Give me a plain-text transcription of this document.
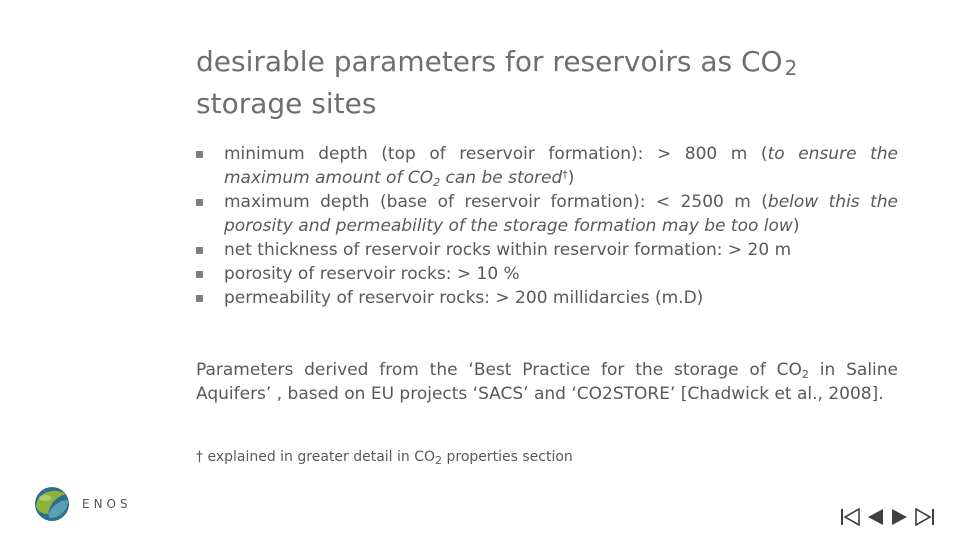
desirable parameters for reservoirs as CO $_2$
storage sites
minimum depth (top of reservoir formation): > 800 m (to ensure the maximum amount of $CO_2$ can be stored†)
maximum depth (base of reservoir formation): < 2500 m (below this the porosity and permeability of the storage formation may be too low)
net thickness of reservoir rocks within reservoir formation: > 20 m
porosity of reservoir rocks: > 10 %
permeability of reservoir rocks: > 200 millidarcies (m.D)
Parameters derived from the ‘Best Practice for the storage of $CO_2$ in Saline Aquifers’ , based on EU projects ‘SACS’ and ‘CO2STORE’ [Chadwick et al., 2008].
† explained in greater detail in $CO_2$ properties section
ENOS
